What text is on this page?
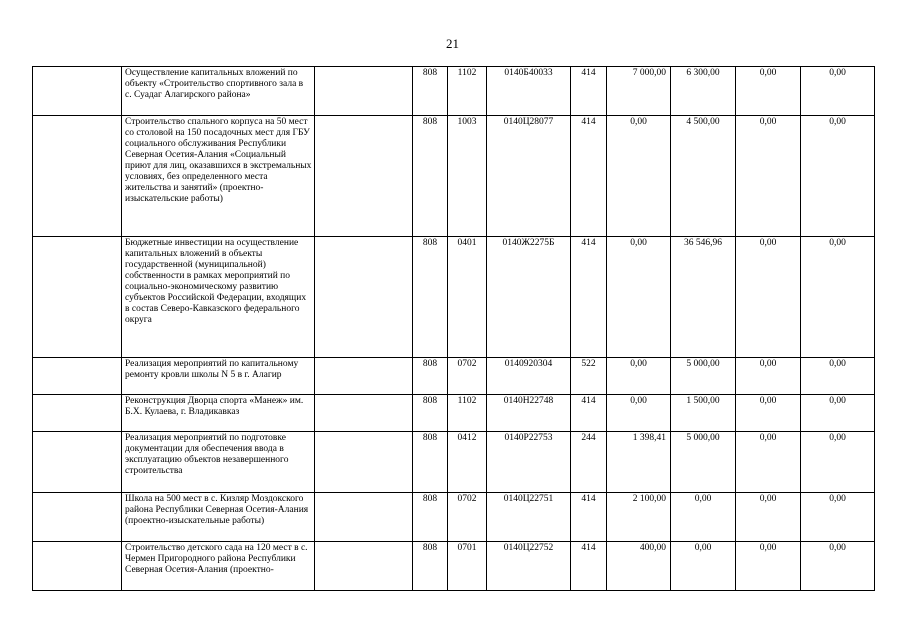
21
	Осуществление капитальных вложений по объекту «Строительство спортивного зала в с. Суадаг Алагирского района»		808	1102	0140Б40033	414	7 000,00	6 300,00	0,00	0,00
	Строительство спального корпуса на 50 мест со столовой на 150 посадочных мест для ГБУ социального обслуживания Республики Северная Осетия-Алания «Социальный приют для лиц, оказавшихся в экстремальных условиях, без определенного места жительства и занятий» (проектно-изыскательские работы)		808	1003	0140Ц28077	414	0,00	4 500,00	0,00	0,00
	Бюджетные инвестиции на осуществление капитальных вложений в объекты государственной (муниципальной) собственности в рамках мероприятий по социально-экономическому развитию субъектов Российской Федерации, входящих в состав Северо-Кавказского федерального округа		808	0401	0140Ж2275Б	414	0,00	36 546,96	0,00	0,00
	Реализация мероприятий по капитальному ремонту кровли школы N 5 в г. Алагир		808	0702	0140920304	522	0,00	5 000,00	0,00	0,00
	Реконструкция Дворца спорта «Манеж» им. Б.Х. Кулаева, г. Владикавказ		808	1102	0140Н22748	414	0,00	1 500,00	0,00	0,00
	Реализация мероприятий по подготовке документации для обеспечения ввода в эксплуатацию объектов незавершенного строительства		808	0412	0140Р22753	244	1 398,41	5 000,00	0,00	0,00
	Школа на 500 мест в с. Кизляр Моздокского района Республики Северная Осетия-Алания (проектно-изыскательные работы)		808	0702	0140Ц22751	414	2 100,00	0,00	0,00	0,00
	Строительство детского сада на 120 мест в с. Чермен Пригородного района Республики Северная Осетия-Алания (проектно-		808	0701	0140Ц22752	414	400,00	0,00	0,00	0,00
